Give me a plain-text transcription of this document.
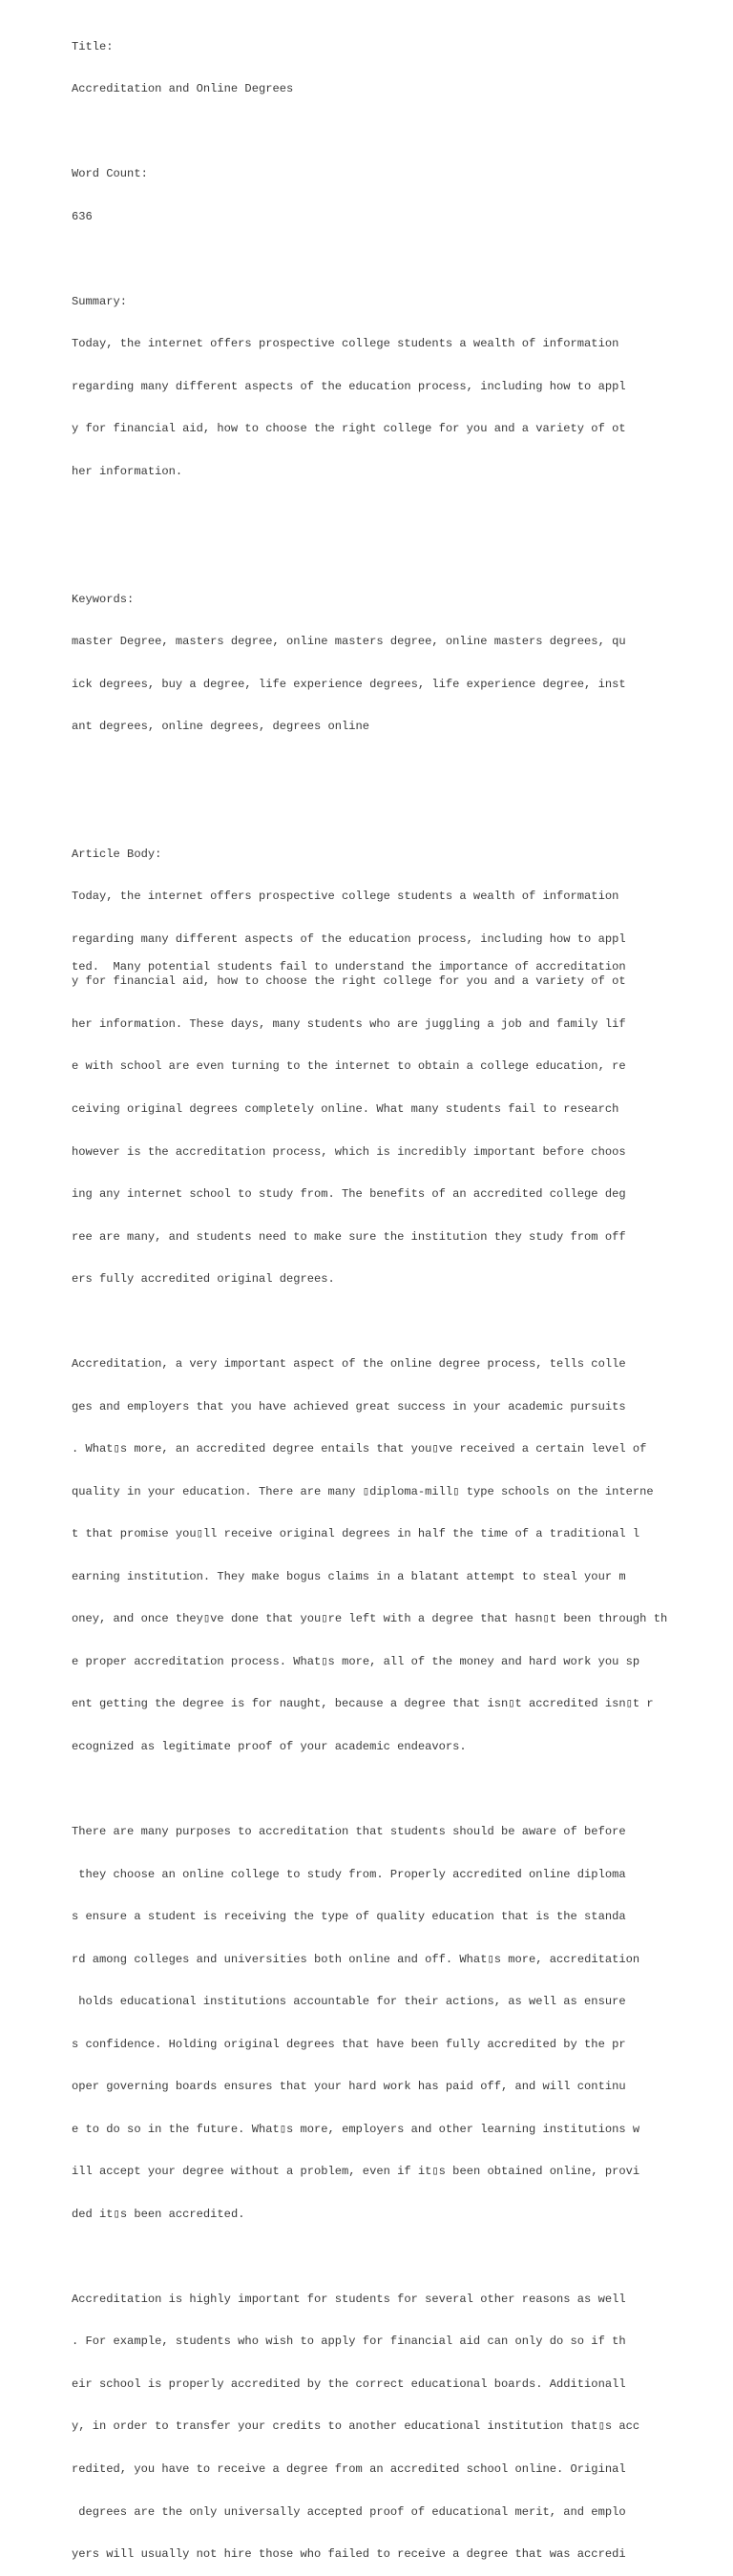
Title:

Accreditation and Online Degrees

Word Count:

636

Summary:

Today, the internet offers prospective college students a wealth of information

regarding many different aspects of the education process, including how to appl

y for financial aid, how to choose the right college for you and a variety of ot

her information.

Keywords:

master Degree, masters degree, online masters degree, online masters degrees, qu

ick degrees, buy a degree, life experience degrees, life experience degree, inst

ant degrees, online degrees, degrees online

Article Body:

Today, the internet offers prospective college students a wealth of information

regarding many different aspects of the education process, including how to appl

y for financial aid, how to choose the right college for you and a variety of ot

her information. These days, many students who are juggling a job and family lif

e with school are even turning to the internet to obtain a college education, re

ceiving original degrees completely online. What many students fail to research

however is the accreditation process, which is incredibly important before choos

ing any internet school to study from. The benefits of an accredited college deg

ree are many, and students need to make sure the institution they study from off

ers fully accredited original degrees.

Accreditation, a very important aspect of the online degree process, tells colle

ges and employers that you have achieved great success in your academic pursuits

. What▯s more, an accredited degree entails that you▯ve received a certain level of

quality in your education. There are many ▯diploma-mill▯ type schools on the interne

t that promise you▯ll receive original degrees in half the time of a traditional l

earning institution. They make bogus claims in a blatant attempt to steal your m

oney, and once they▯ve done that you▯re left with a degree that hasn▯t been through th

e proper accreditation process. What▯s more, all of the money and hard work you sp

ent getting the degree is for naught, because a degree that isn▯t accredited isn▯t r

ecognized as legitimate proof of your academic endeavors.

There are many purposes to accreditation that students should be aware of before

they choose an online college to study from. Properly accredited online diploma

s ensure a student is receiving the type of quality education that is the standa

rd among colleges and universities both online and off. What▯s more, accreditation

holds educational institutions accountable for their actions, as well as ensure

s confidence. Holding original degrees that have been fully accredited by the pr

oper governing boards ensures that your hard work has paid off, and will continu

e to do so in the future. What▯s more, employers and other learning institutions w

ill accept your degree without a problem, even if it▯s been obtained online, provi

ded it▯s been accredited.

Accreditation is highly important for students for several other reasons as well

. For example, students who wish to apply for financial aid can only do so if th

eir school is properly accredited by the correct educational boards. Additionall

y, in order to transfer your credits to another educational institution that▯s acc

redited, you have to receive a degree from an accredited school online. Original

degrees are the only universally accepted proof of educational merit, and emplo

yers will usually not hire those who failed to receive a degree that was accredi

ted.  Many potential students fail to understand the importance of accreditation
